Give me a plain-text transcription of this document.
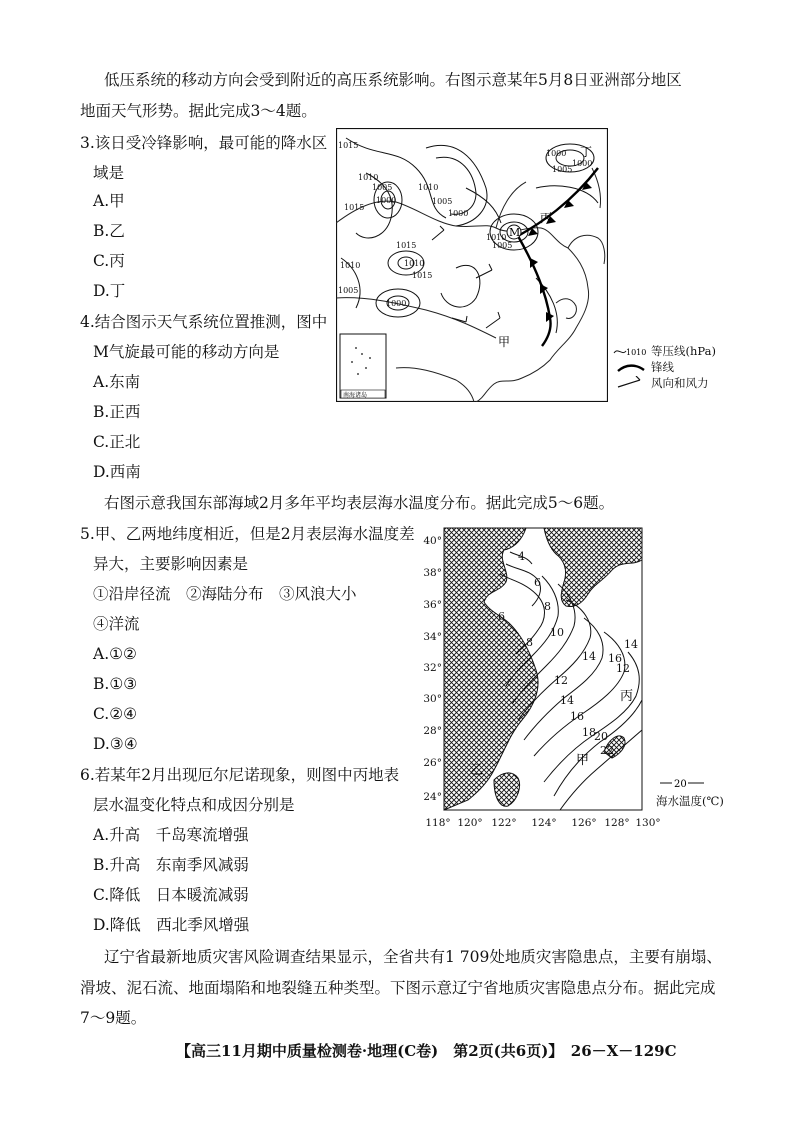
低压系统的移动方向会受到附近的高压系统影响。右图示意某年5月8日亚洲部分地区
地面天气形势。据此完成3～4题。
3.该日受冷锋影响，最可能的降水区
域是
A.甲
B.乙
C.丙
D.丁
4.结合图示天气系统位置推测，图中
M气旋最可能的移动方向是
A.东南
B.正西
C.正北
D.西南
1015
1010
1005
1000
1015
1010
1005
1000
1010
1005
1015
1010
1015
1000
1000
1005
1000
1010
1005
M
丙
丁
甲
南海诸岛
1010 等压线(hPa)
锋线
风向和风力
右图示意我国东部海域2月多年平均表层海水温度分布。据此完成5～6题。
5.甲、乙两地纬度相近，但是2月表层海水温度差
异大，主要影响因素是
①沿岸径流　②海陆分布　③风浪大小
④洋流
A.①②
B.①③
C.②④
D.③④
6.若某年2月出现厄尔尼诺现象，则图中丙地表
层水温变化特点和成因分别是
A.升高　千岛寒流增强
B.升高　东南季风减弱
C.降低　日本暖流减弱
D.降低　西北季风增强
4
6
8
6
10
8
14
12
16
14
16
18
20
22
12
14
丙
甲
乙
40°
38°
36°
34°
32°
30°
28°
26°
24°
118° 120° 122° 124° 126° 128° 130°
20
海水温度(℃)
辽宁省最新地质灾害风险调查结果显示，全省共有1 709处地质灾害隐患点，主要有崩塌、
滑坡、泥石流、地面塌陷和地裂缝五种类型。下图示意辽宁省地质灾害隐患点分布。据此完成
7～9题。
【高三11月期中质量检测卷·地理(C卷)　第2页(共6页)】　26－X－129C
